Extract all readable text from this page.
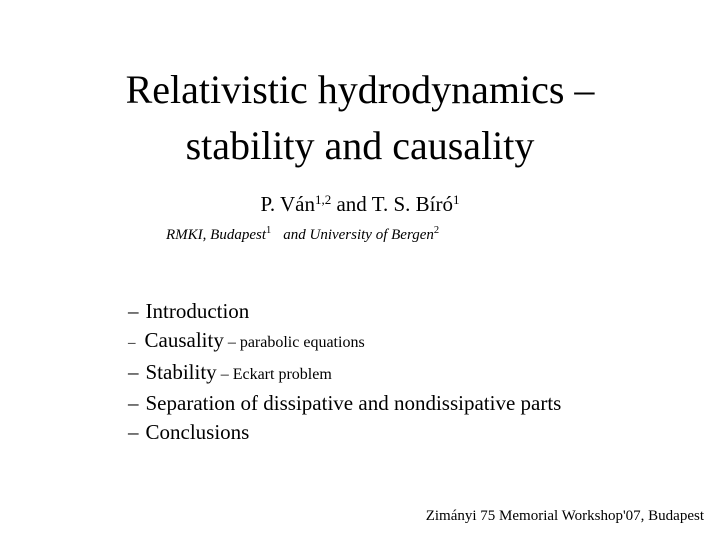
Relativistic hydrodynamics –
stability and causality
P. Ván$^{1,2}$ and T. S. Bíró$^1$
RMKI, Budapest$^1$ and University of Bergen$^2$
– Introduction
– Causality – parabolic equations
– Stability – Eckart problem
– Separation of dissipative and nondissipative parts
– Conclusions
Zimányi 75 Memorial Workshop'07, Budapest
